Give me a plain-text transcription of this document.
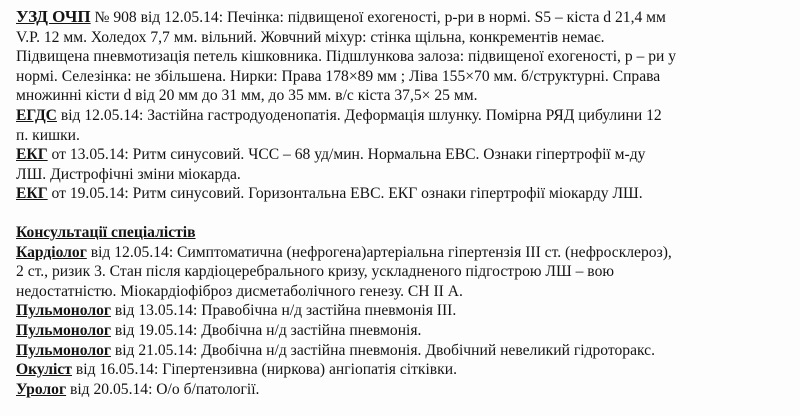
УЗД ОЧП № 908 від 12.05.14: Печінка: підвищеної ехогеності, р-ри в нормі. S5 – кіста d 21,4 мм
V.P. 12 мм. Холедох 7,7 мм. вільний. Жовчний міхур: стінка щільна, конкрементів немає.
Підвищена пневмотизація петель кішковника. Підшлункова залоза: підвищеної ехогеності, р – ри у
нормі. Селезінка: не збільшена. Нирки: Права 178×89 мм ; Ліва 155×70 мм. б/структурні. Справа
множинні кісти d від 20 мм до 31 мм, до 35 мм. в/с кіста 37,5× 25 мм.
ЕГДС від 12.05.14: Застійна гастродуоденопатія. Деформація шлунку. Помірна РЯД цибулини 12
п. кишки.
ЕКГ от 13.05.14: Ритм синусовий. ЧСС – 68 уд/мин. Нормальна ЕВС. Ознаки гіпертрофії м-ду
ЛШ. Дистрофічні зміни міокарда.
ЕКГ от 19.05.14: Ритм синусовий. Горизонтальна ЕВС. ЕКГ ознаки гіпертрофії міокарду ЛШ.
Консультації спеціалістів
Кардіолог від 12.05.14: Симптоматична (нефрогена)артеріальна гіпертензія ІІІ ст. (нефросклероз),
2 ст., ризик 3. Стан після кардіоцеребрального кризу, ускладненого підгострою ЛШ – вою
недостатністю. Міокардіофіброз дисметаболічного генезу. СН ІІ А.
Пульмонолог від 13.05.14: Правобічна н/д застійна пневмонія ІІІ.
Пульмонолог від 19.05.14: Двобічна н/д застійна пневмонія.
Пульмонолог від 21.05.14: Двобічна н/д застійна пневмонія. Двобічний невеликий гідроторакс.
Окуліст від 16.05.14: Гіпертензивна (ниркова) ангіопатія сітківки.
Уролог від 20.05.14: О/о б/патології.
